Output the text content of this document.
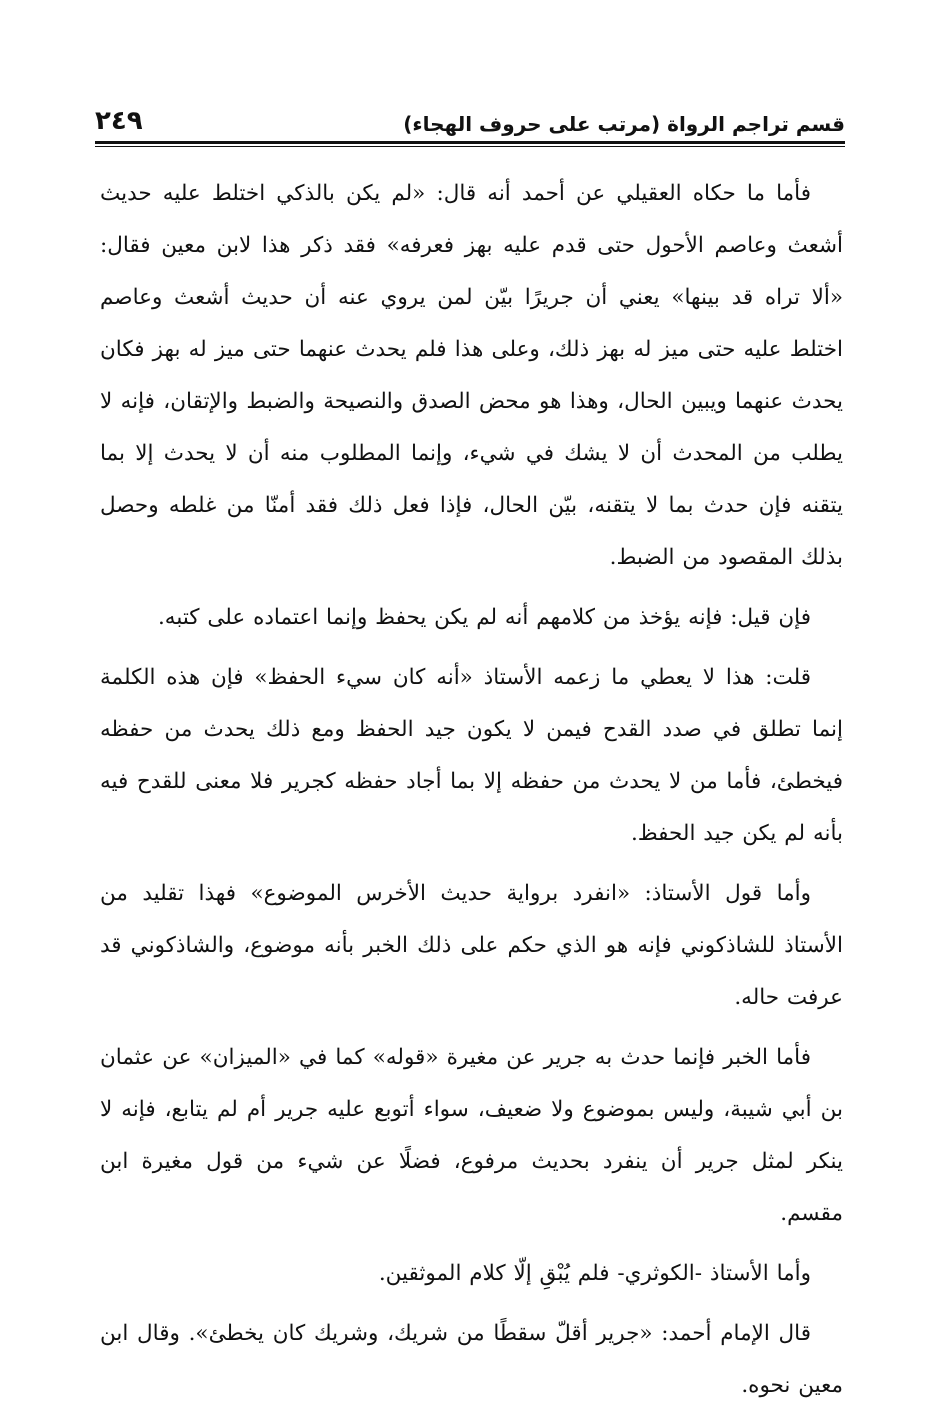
قسم تراجم الرواة (مرتب على حروف الهجاء)
٢٤٩

فأما ما حكاه العقيلي عن أحمد أنه قال: «لم يكن بالذكي اختلط عليه حديث أشعث وعاصم الأحول حتى قدم عليه بهز فعرفه» فقد ذكر هذا لابن معين فقال: «ألا تراه قد بينها» يعني أن جريرًا بيّن لمن يروي عنه أن حديث أشعث وعاصم اختلط عليه حتى ميز له بهز ذلك، وعلى هذا فلم يحدث عنهما حتى ميز له بهز فكان يحدث عنهما ويبين الحال، وهذا هو محض الصدق والنصيحة والضبط والإتقان، فإنه لا يطلب من المحدث أن لا يشك في شيء، وإنما المطلوب منه أن لا يحدث إلا بما يتقنه فإن حدث بما لا يتقنه، بيّن الحال، فإذا فعل ذلك فقد أمنّا من غلطه وحصل بذلك المقصود من الضبط.

فإن قيل: فإنه يؤخذ من كلامهم أنه لم يكن يحفظ وإنما اعتماده على كتبه.

قلت: هذا لا يعطي ما زعمه الأستاذ «أنه كان سيء الحفظ» فإن هذه الكلمة إنما تطلق في صدد القدح فيمن لا يكون جيد الحفظ ومع ذلك يحدث من حفظه فيخطئ، فأما من لا يحدث من حفظه إلا بما أجاد حفظه كجرير فلا معنى للقدح فيه بأنه لم يكن جيد الحفظ.

وأما قول الأستاذ: «انفرد برواية حديث الأخرس الموضوع» فهذا تقليد من الأستاذ للشاذكوني فإنه هو الذي حكم على ذلك الخبر بأنه موضوع، والشاذكوني قد عرفت حاله.

فأما الخبر فإنما حدث به جرير عن مغيرة «قوله» كما في «الميزان» عن عثمان بن أبي شيبة، وليس بموضوع ولا ضعيف، سواء أتوبع عليه جرير أم لم يتابع، فإنه لا ينكر لمثل جرير أن ينفرد بحديث مرفوع، فضلًا عن شيء من قول مغيرة ابن مقسم.

وأما الأستاذ -الكوثري- فلم يُبْقِ إلّا كلام الموثقين.

قال الإمام أحمد: «جرير أقلّ سقطًا من شريك، وشريك كان يخطئ». وقال ابن معين نحوه.
